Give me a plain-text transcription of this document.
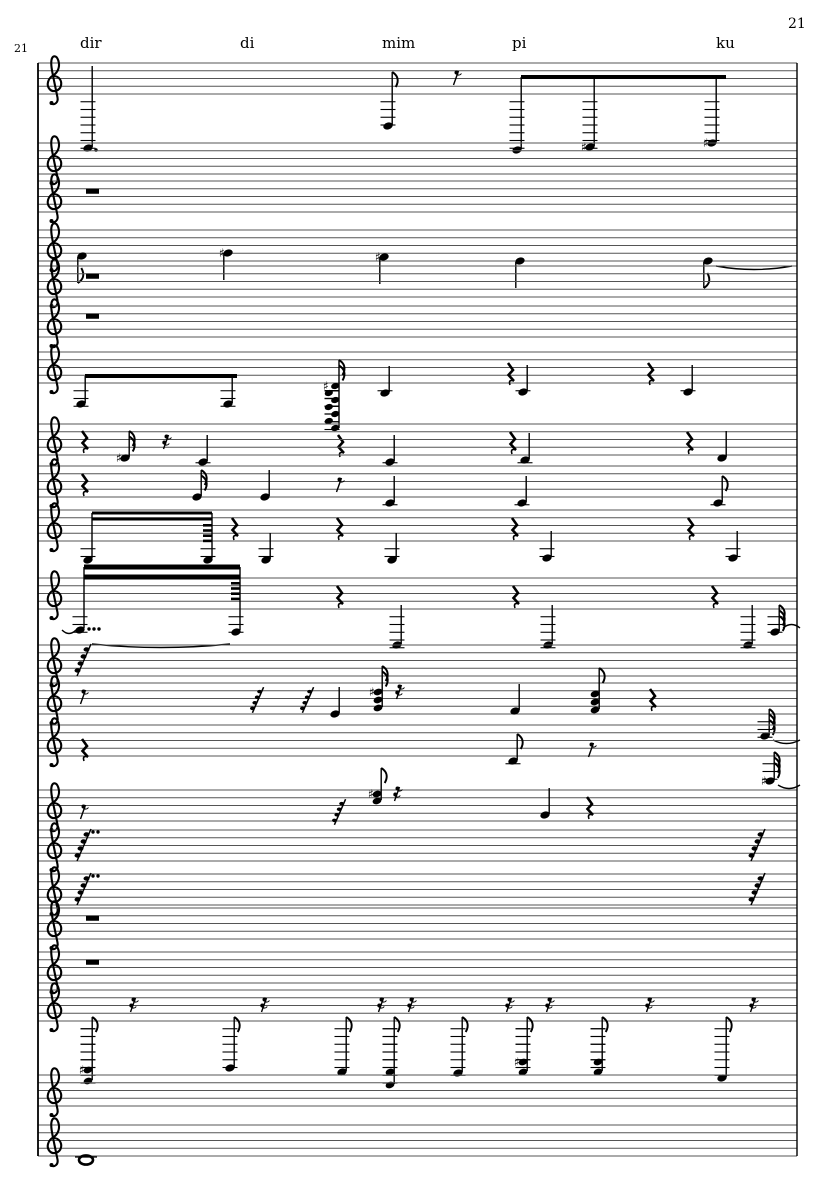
21
21	dir	di	mim	pi	ku
♯	♯
♯	♯
♯
♯
♯
♯
♯
♯
♯
